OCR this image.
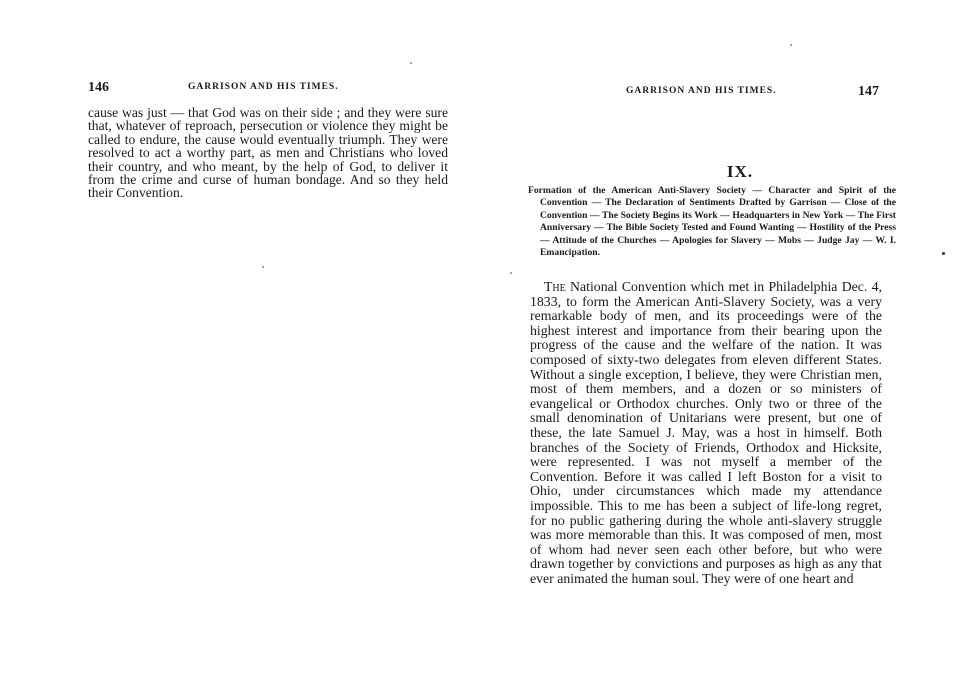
146	GARRISON AND HIS TIMES.

cause was just — that God was on their side ; and they were sure that, whatever of reproach, persecution or violence they might be called to endure, the cause would eventually triumph. They were resolved to act a worthy part, as men and Christians who loved their country, and who meant, by the help of God, to deliver it from the crime and curse of human bondage. And so they held their Convention.

GARRISON AND HIS TIMES.	147
IX.
Formation of the American Anti-Slavery Society — Character and Spirit of the Convention — The Declaration of Sentiments Drafted by Garrison — Close of the Convention — The Society Begins its Work — Headquarters in New York — The First Anniversary — The Bible Society Tested and Found Wanting — Hostility of the Press — Attitude of the Churches — Apologies for Slavery — Mobs — Judge Jay — W. I. Emancipation.

The National Convention which met in Philadelphia Dec. 4, 1833, to form the American Anti-Slavery Society, was a very remarkable body of men, and its proceedings were of the highest interest and importance from their bearing upon the progress of the cause and the welfare of the nation. It was composed of sixty-two delegates from eleven different States. Without a single exception, I believe, they were Christian men, most of them members, and a dozen or so ministers of evangelical or Orthodox churches. Only two or three of the small denomination of Unitarians were present, but one of these, the late Samuel J. May, was a host in himself. Both branches of the Society of Friends, Orthodox and Hicksite, were represented. I was not myself a member of the Convention. Before it was called I left Boston for a visit to Ohio, under circumstances which made my attendance impossible. This to me has been a subject of life-long regret, for no public gathering during the whole anti-slavery struggle was more memorable than this. It was composed of men, most of whom had never seen each other before, but who were drawn together by convictions and purposes as high as any that ever animated the human soul. They were of one heart and
